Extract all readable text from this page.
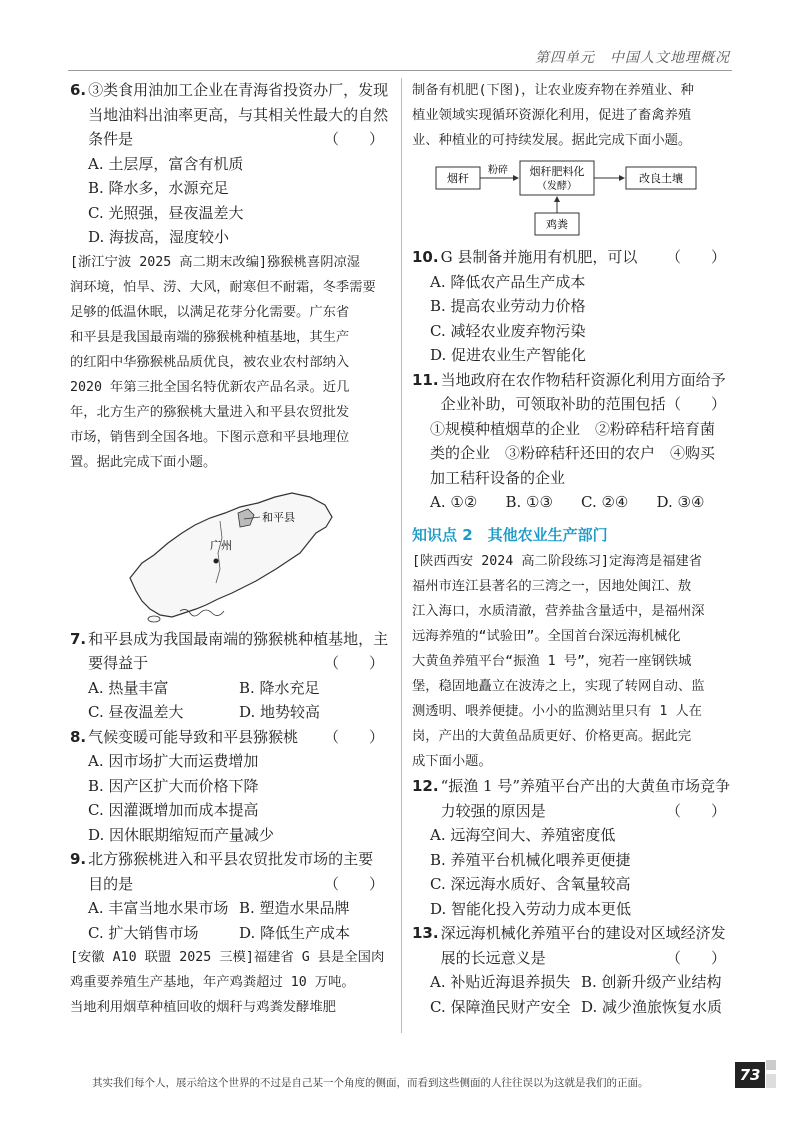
第四单元　中国人文地理概况
6. ③类食用油加工企业在青海省投资办厂，发现
当地油料出油率更高，与其相关性最大的自然
条件是	（　　）
A. 土层厚，富含有机质
B. 降水多，水源充足
C. 光照强，昼夜温差大
D. 海拔高，湿度较小
[浙江宁波 2025 高二期末改编]猕猴桃喜阴凉湿
润环境，怕旱、涝、大风，耐寒但不耐霜，冬季需要
足够的低温休眠，以满足花芽分化需要。广东省
和平县是我国最南端的猕猴桃种植基地，其生产
的红阳中华猕猴桃品质优良，被农业农村部纳入
2020 年第三批全国名特优新农产品名录。近几
年，北方生产的猕猴桃大量进入和平县农贸批发
市场，销售到全国各地。下图示意和平县地理位
置。据此完成下面小题。
和平县
广州
7. 和平县成为我国最南端的猕猴桃种植基地，主
要得益于	（　　）
A. 热量丰富	B. 降水充足
C. 昼夜温差大	D. 地势较高
8. 气候变暖可能导致和平县猕猴桃 （　　）
A. 因市场扩大而运费增加
B. 因产区扩大而价格下降
C. 因灌溉增加而成本提高
D. 因休眠期缩短而产量减少
9. 北方猕猴桃进入和平县农贸批发市场的主要
目的是	（　　）
A. 丰富当地水果市场 B. 塑造水果品牌
C. 扩大销售市场	D. 降低生产成本
[安徽 A10 联盟 2025 三模]福建省 G 县是全国肉
鸡重要养殖生产基地，年产鸡粪超过 10 万吨。
当地利用烟草种植回收的烟秆与鸡粪发酵堆肥
制备有机肥(下图)，让农业废弃物在养殖业、种
植业领域实现循环资源化利用，促进了畜禽养殖
业、种植业的可持续发展。据此完成下面小题。
烟秆
粉碎 烟秆肥料化
（发酵）
改良土壤
鸡粪
10. G 县制备并施用有机肥，可以 （　　）
A. 降低农产品生产成本
B. 提高农业劳动力价格
C. 减轻农业废弃物污染
D. 促进农业生产智能化
11. 当地政府在农作物秸秆资源化利用方面给予
企业补助，可领取补助的范围包括 （　　）
①规模种植烟草的企业　②粉碎秸秆培育菌
类的企业　③粉碎秸秆还田的农户　④购买
加工秸秆设备的企业
A. ①②	B. ①③	C. ②④	D. ③④
知识点 2　其他农业生产部门
[陕西西安 2024 高二阶段练习]定海湾是福建省
福州市连江县著名的三湾之一，因地处闽江、敖
江入海口，水质清澈，营养盐含量适中，是福州深
远海养殖的“试验田”。全国首台深远海机械化
大黄鱼养殖平台“振渔 1 号”，宛若一座钢铁城
堡，稳固地矗立在波涛之上，实现了转网自动、监
测透明、喂养便捷。小小的监测站里只有 1 人在
岗，产出的大黄鱼品质更好、价格更高。据此完
成下面小题。
12. “振渔 1 号”养殖平台产出的大黄鱼市场竞争
力较强的原因是	（　　）
A. 远海空间大、养殖密度低
B. 养殖平台机械化喂养更便捷
C. 深远海水质好、含氧量较高
D. 智能化投入劳动力成本更低
13. 深远海机械化养殖平台的建设对区域经济发
展的长远意义是	（　　）
A. 补贴近海退养损失 B. 创新升级产业结构
C. 保障渔民财产安全 D. 减少渔旅恢复水质
其实我们每个人，展示给这个世界的不过是自己某一个角度的侧面，而看到这些侧面的人往往误以为这就是我们的正面。	73
